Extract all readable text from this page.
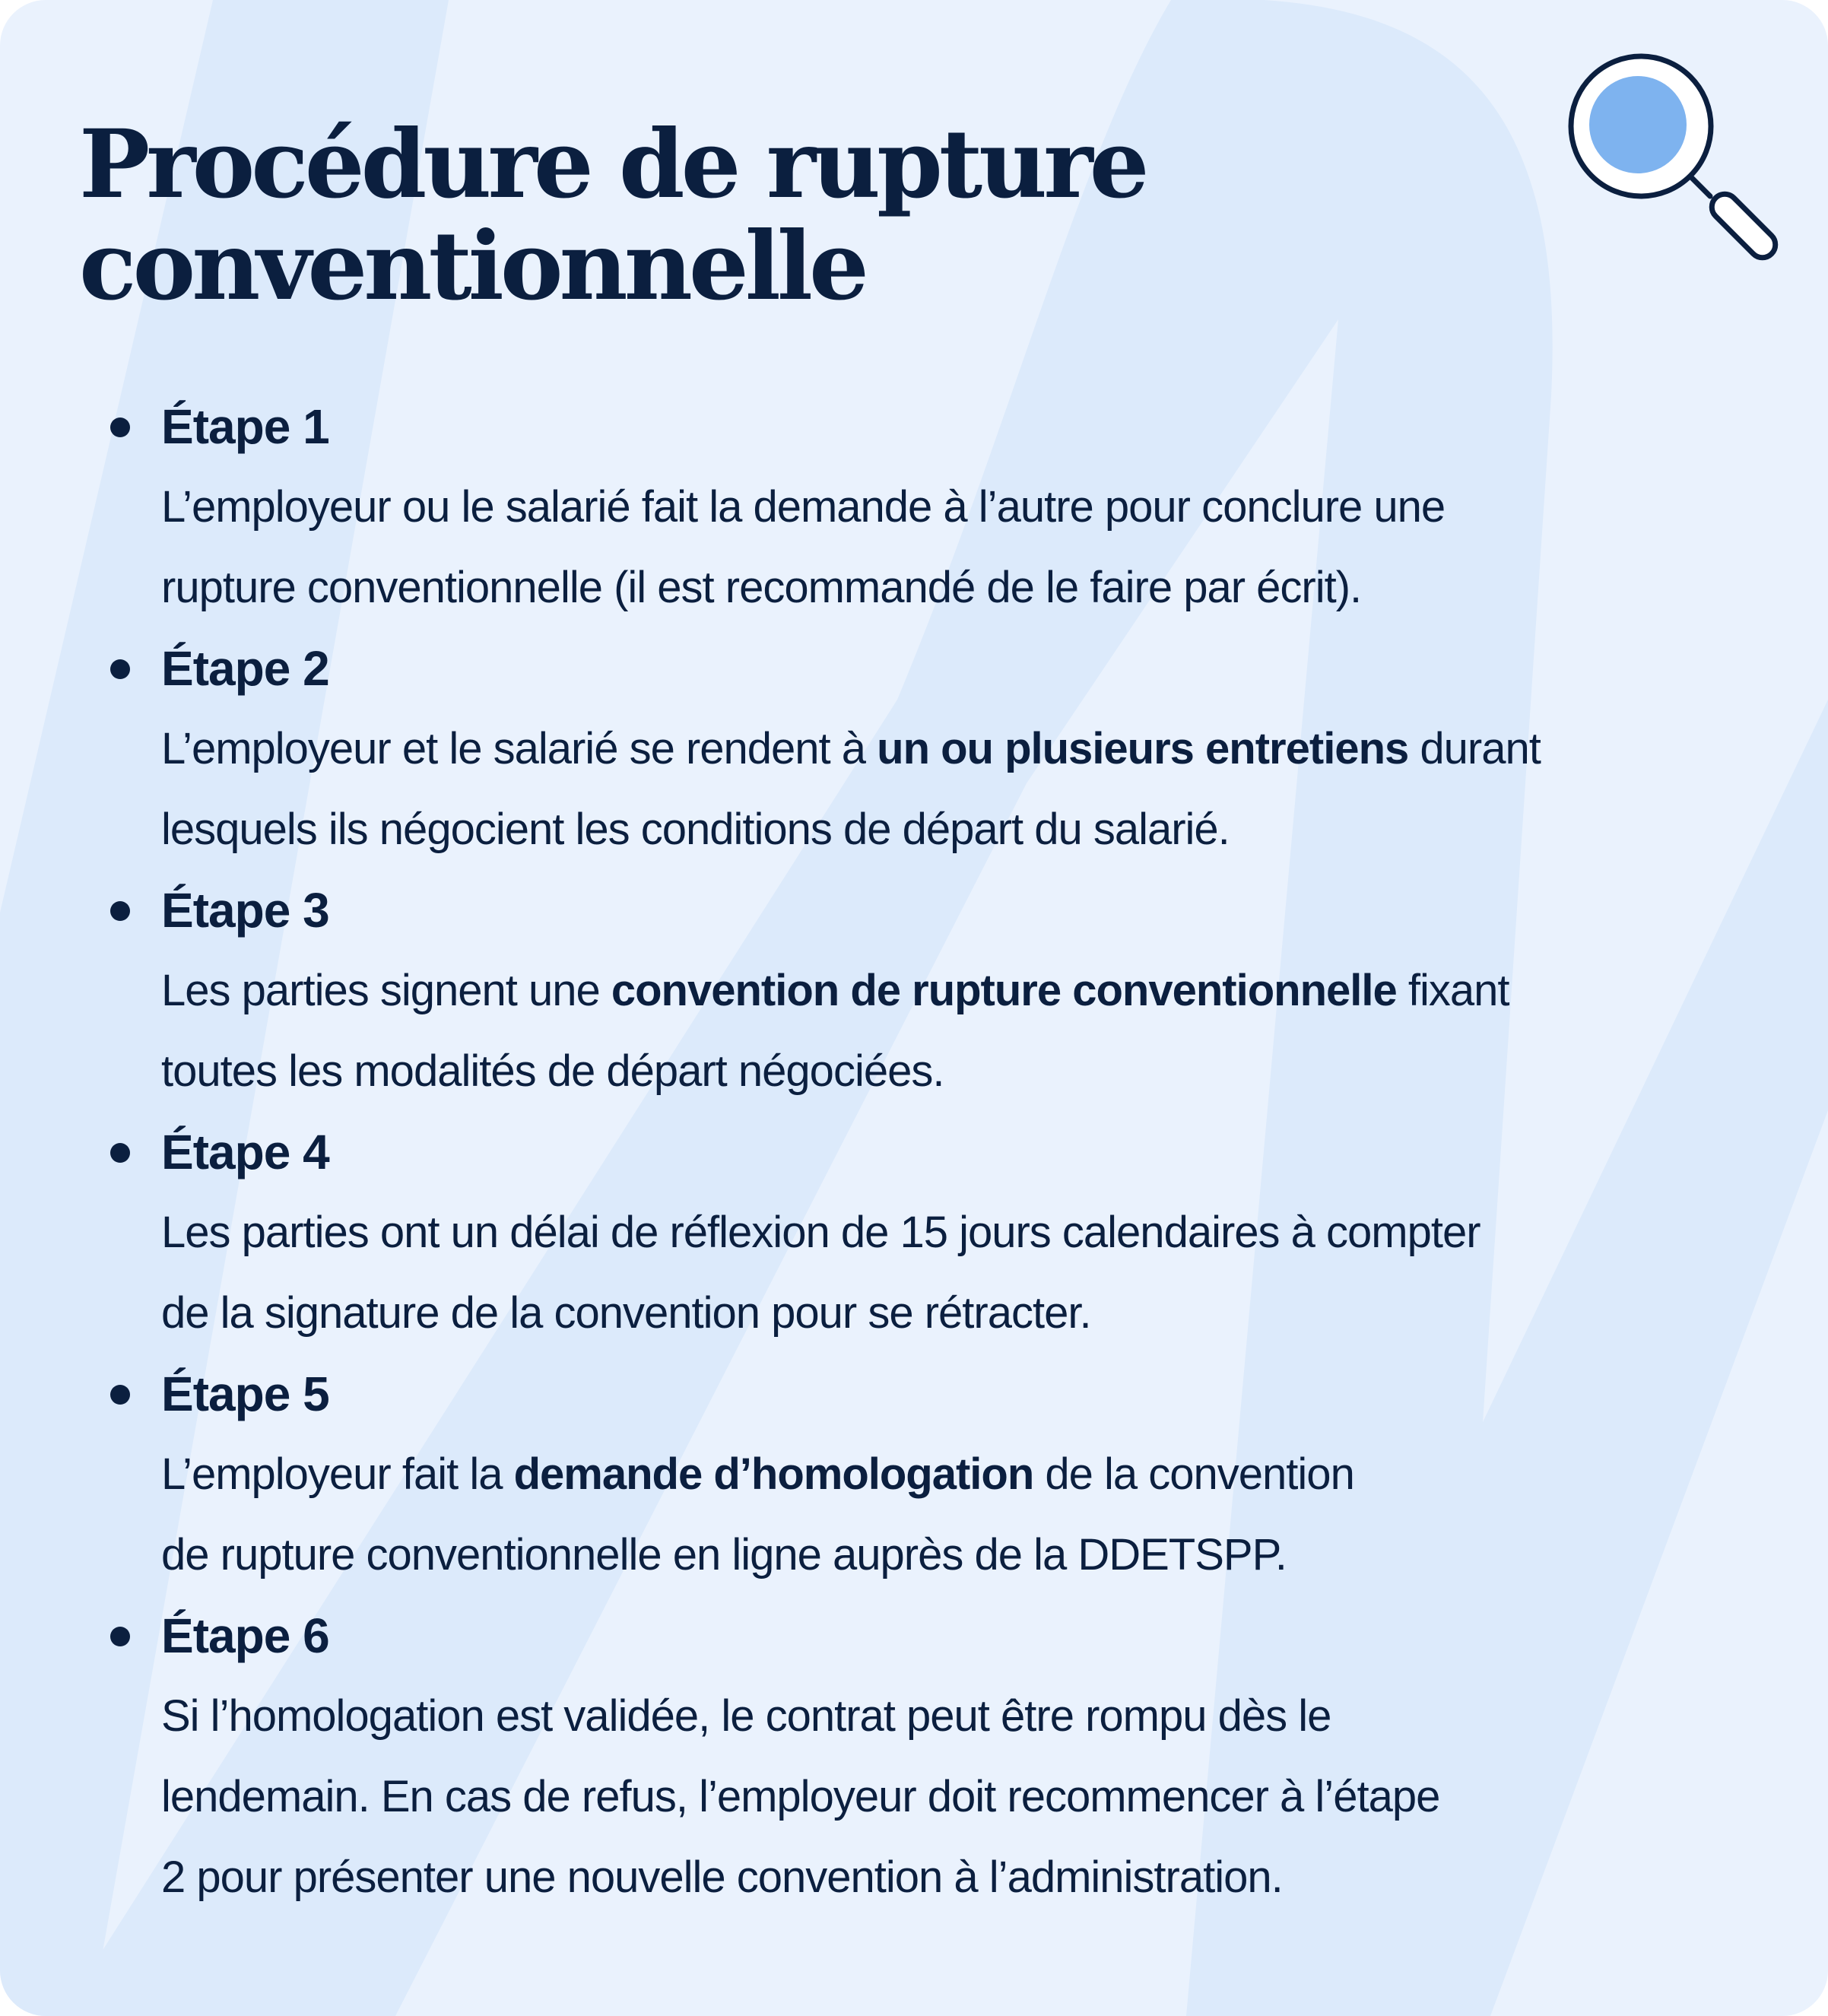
Procédure de rupture
conventionnelle
Étape 1
L’employeur ou le salarié fait la demande à l’autre pour conclure une
rupture conventionnelle (il est recommandé de le faire par écrit).
Étape 2
L’employeur et le salarié se rendent à un ou plusieurs entretiens durant
lesquels ils négocient les conditions de départ du salarié.
Étape 3
Les parties signent une convention de rupture conventionnelle fixant
toutes les modalités de départ négociées.
Étape 4
Les parties ont un délai de réflexion de 15 jours calendaires à compter
de la signature de la convention pour se rétracter.
Étape 5
L’employeur fait la demande d’homologation de la convention
de rupture conventionnelle en ligne auprès de la DDETSPP.
Étape 6
Si l’homologation est validée, le contrat peut être rompu dès le
lendemain. En cas de refus, l’employeur doit recommencer à l’étape
2 pour présenter une nouvelle convention à l’administration.
